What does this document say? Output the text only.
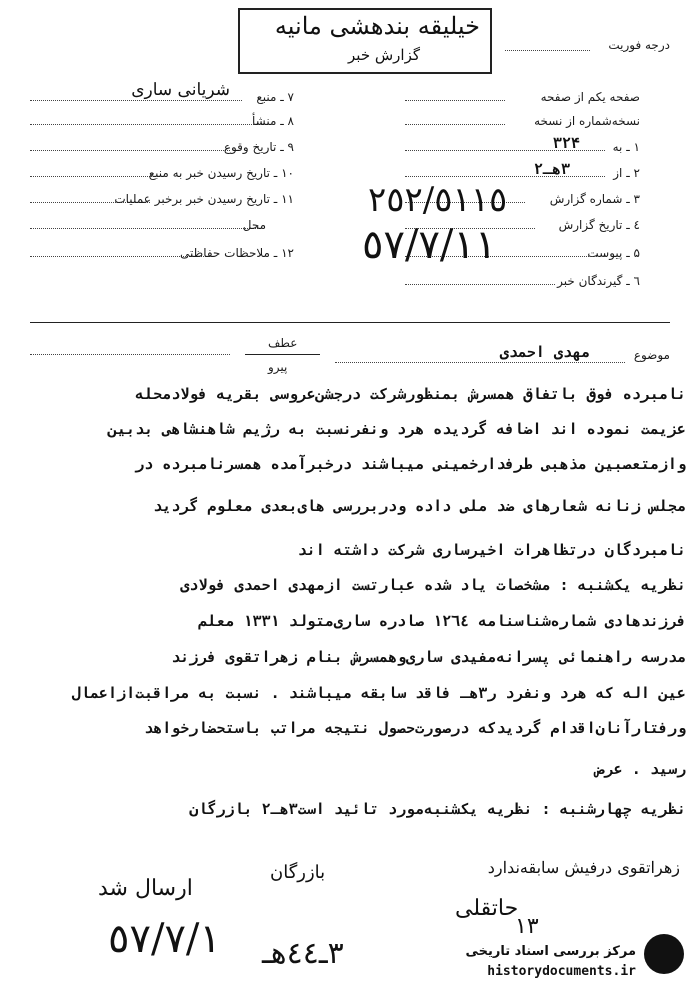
خیلیقه بندهشی مانیه
گزارش خبر
درجه فوریت
شریانی ساری ۷ ـ منبع
۸ ـ منشأ
۹ ـ تاریخ وقوع
۱۰ ـ تاریخ رسیدن خبر به منبع
۱۱ ـ تاریخ رسیدن خبر برخبر عملیات
محل
۱۲ ـ ملاحظات حفاظتی
صفحه یکم از صفحه
نسخه‌شماره از نسخه
۱ ـ به
۳۲۴
۲ ـ از
۳هـ۲
۳ ـ شماره گزارش
٤ ـ تاریخ گزارش
۵ ـ پیوست
٦ ـ گیرندگان خبر
٢٥٢/٥١١٥
٥٧/٧/١١
عطف
پیرو
موضوع
مهدی احمدی
نامبرده فوق باتفاق همسرش بمنظورشرکت درجشن‌عروسی بقریه فولادمحله
عزیمت نموده اند اضافه گردیده هرد ونفرنسبت به رژیم شاهنشاهی بدبین
وازمتعصبین مذهبی طرفدارخمینی میباشند درخبرآمده همسرنامبرده در
مجلس زنانه شعارهای ضد ملی داده ودربررسی های‌بعدی معلوم گردید
نامبردگان درتظاهرات اخیرساری شرکت داشته اند
نظریه یکشنبه : مشخصات یاد شده عبارتست ازمهدی احمدی فولادی
فرزندهادی شماره‌شناسنامه ١٢٦٤ صادره ساری‌متولد ١٣٣١ معلم
مدرسه راهنمائی پسرانه‌مفیدی ساری‌وهمسرش بنام زهراتقوی فرزند
عین اله که هرد ونفرد ر٣هـ فاقد سابقه میباشند . نسبت به مراقبت‌ازاعمال
ورفتارآنان‌اقدام گردیدکه درصورت‌حصول نتیجه مراتب باستحضارخواهد
رسید . عرض
نظریه چهارشنبه : نظریه یکشنبه‌مورد تائید است٣هـ٢ بازرگان
زهراتقوی درفیش سابقه‌ندارد
بازرگان
ارسال شد
٥٧/٧/١ ٣ـ٤٤هـ
حاتقلی
١٣
مرکز بررسی اسناد تاریخی
historydocuments.ir
